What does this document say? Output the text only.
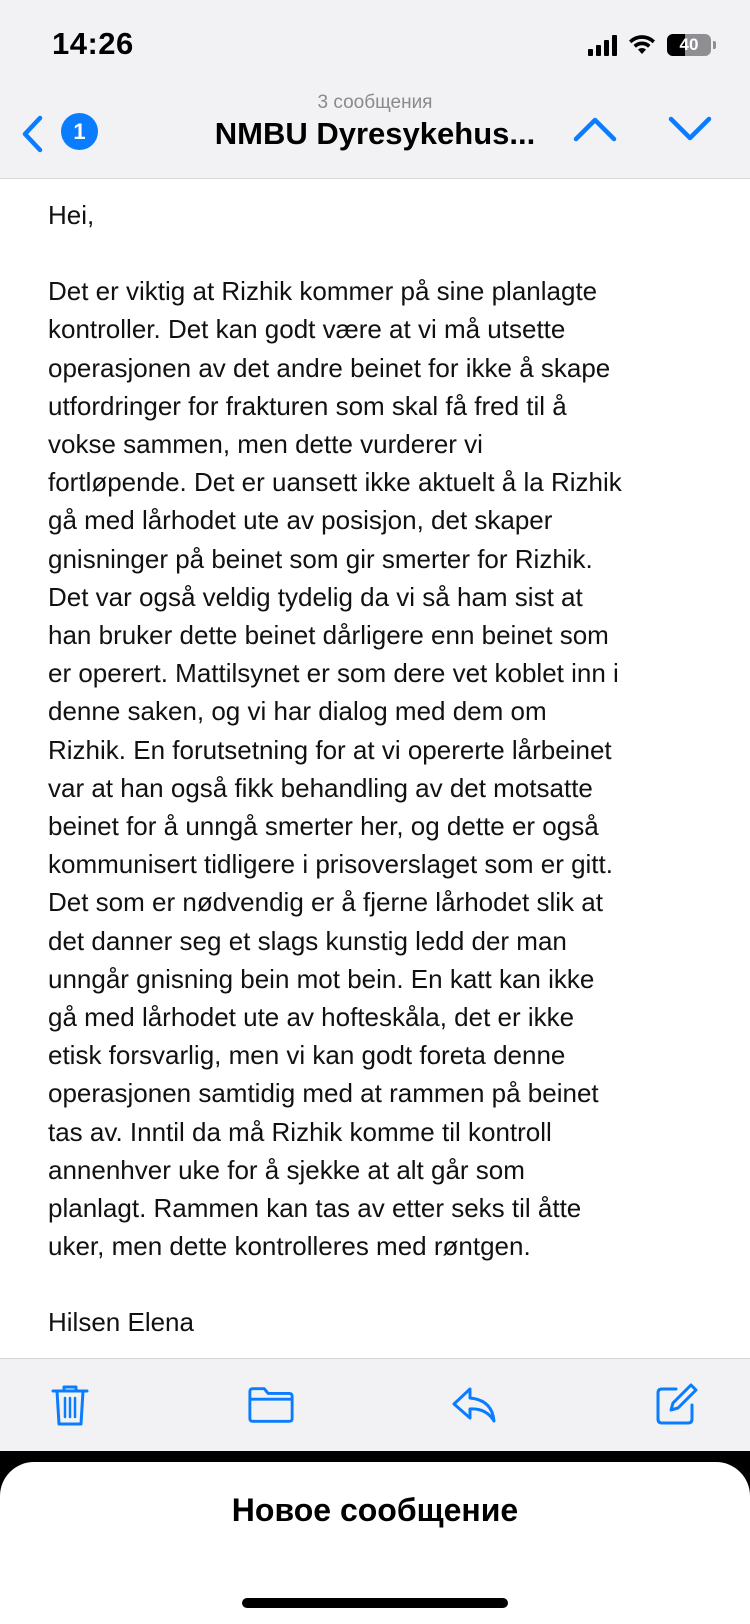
14:26	40
1
3 сообщения
NMBU Dyresykehus...

Hei,

Det er viktig at Rizhik kommer på sine planlagte
kontroller. Det kan godt være at vi må utsette
operasjonen av det andre beinet for ikke å skape
utfordringer for frakturen som skal få fred til å
vokse sammen, men dette vurderer vi
fortløpende. Det er uansett ikke aktuelt å la Rizhik
gå med lårhodet ute av posisjon, det skaper
gnisninger på beinet som gir smerter for Rizhik.
Det var også veldig tydelig da vi så ham sist at
han bruker dette beinet dårligere enn beinet som
er operert. Mattilsynet er som dere vet koblet inn i
denne saken, og vi har dialog med dem om
Rizhik. En forutsetning for at vi opererte lårbeinet
var at han også fikk behandling av det motsatte
beinet for å unngå smerter her, og dette er også
kommunisert tidligere i prisoverslaget som er gitt.
Det som er nødvendig er å fjerne lårhodet slik at
det danner seg et slags kunstig ledd der man
unngår gnisning bein mot bein. En katt kan ikke
gå med lårhodet ute av hofteskåla, det er ikke
etisk forsvarlig, men vi kan godt foreta denne
operasjonen samtidig med at rammen på beinet
tas av. Inntil da må Rizhik komme til kontroll
annenhver uke for å sjekke at alt går som
planlagt. Rammen kan tas av etter seks til åtte
uker, men dette kontrolleres med røntgen.

Hilsen Elena

Новое сообщение
